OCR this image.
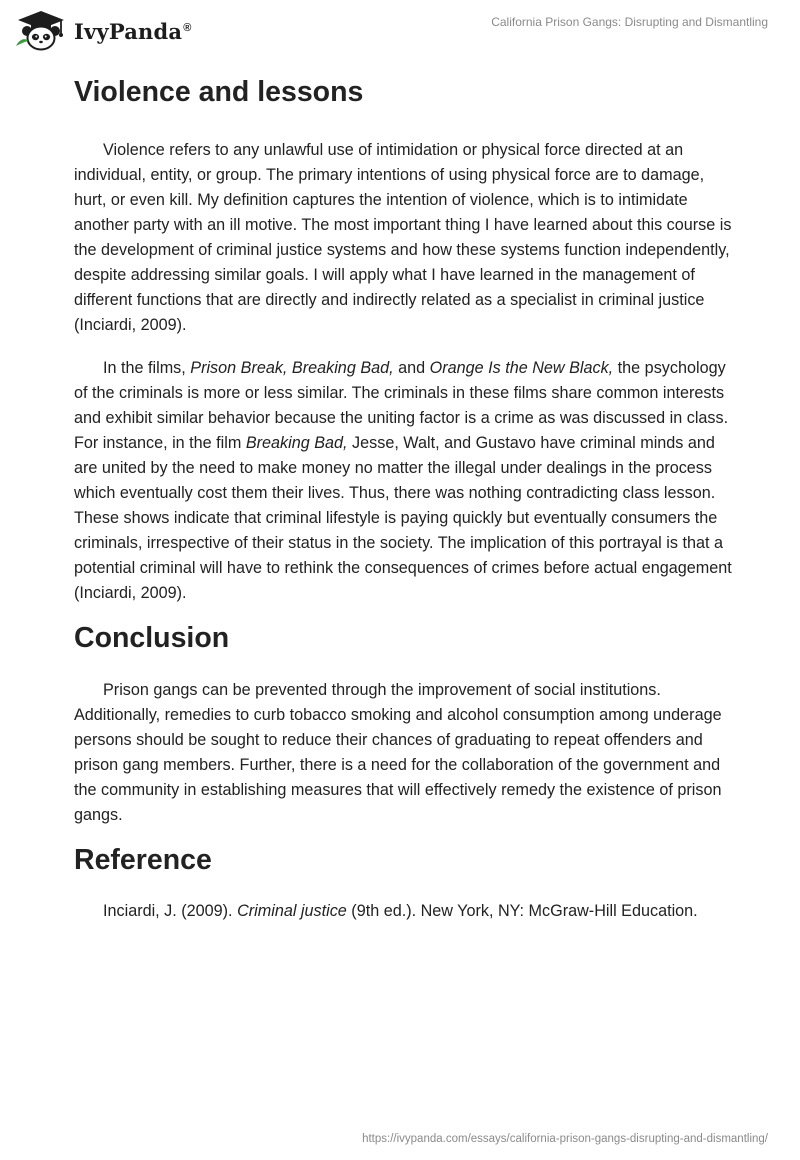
IvyPanda®	California Prison Gangs: Disrupting and Dismantling
Violence and lessons

Violence refers to any unlawful use of intimidation or physical force directed at an individual, entity, or group. The primary intentions of using physical force are to damage, hurt, or even kill. My definition captures the intention of violence, which is to intimidate another party with an ill motive. The most important thing I have learned about this course is the development of criminal justice systems and how these systems function independently, despite addressing similar goals. I will apply what I have learned in the management of different functions that are directly and indirectly related as a specialist in criminal justice (Inciardi, 2009).

In the films, Prison Break, Breaking Bad, and Orange Is the New Black, the psychology of the criminals is more or less similar. The criminals in these films share common interests and exhibit similar behavior because the uniting factor is a crime as was discussed in class. For instance, in the film Breaking Bad, Jesse, Walt, and Gustavo have criminal minds and are united by the need to make money no matter the illegal under dealings in the process which eventually cost them their lives. Thus, there was nothing contradicting class lesson. These shows indicate that criminal lifestyle is paying quickly but eventually consumers the criminals, irrespective of their status in the society. The implication of this portrayal is that a potential criminal will have to rethink the consequences of crimes before actual engagement (Inciardi, 2009).

Conclusion

Prison gangs can be prevented through the improvement of social institutions. Additionally, remedies to curb tobacco smoking and alcohol consumption among underage persons should be sought to reduce their chances of graduating to repeat offenders and prison gang members. Further, there is a need for the collaboration of the government and the community in establishing measures that will effectively remedy the existence of prison gangs.

Reference

Inciardi, J. (2009). Criminal justice (9th ed.). New York, NY: McGraw-Hill Education.

https://ivypanda.com/essays/california-prison-gangs-disrupting-and-dismantling/
